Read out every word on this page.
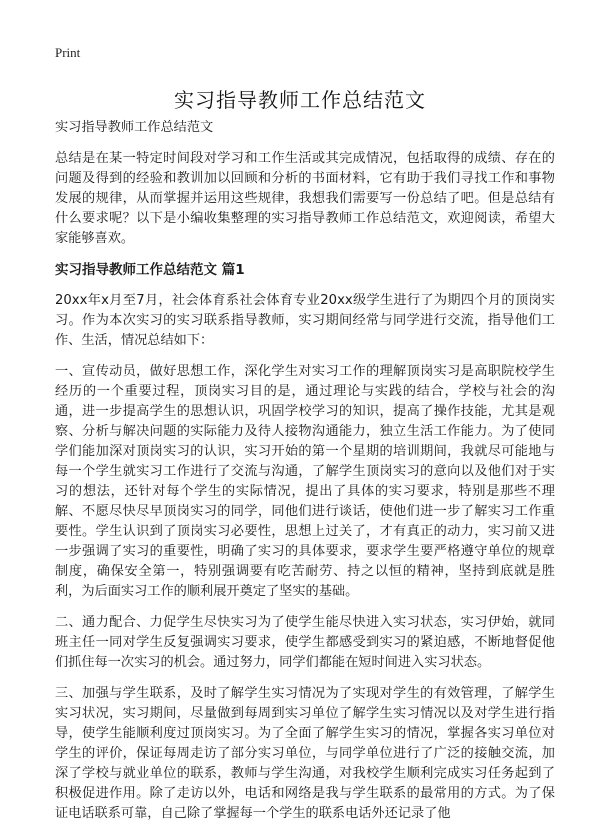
Print
实习指导教师工作总结范文
实习指导教师工作总结范文

总结是在某一特定时间段对学习和工作生活或其完成情况，包括取得的成绩、存在的问题及得到的经验和教训加以回顾和分析的书面材料，它有助于我们寻找工作和事物发展的规律，从而掌握并运用这些规律，我想我们需要写一份总结了吧。但是总结有什么要求呢？以下是小编收集整理的实习指导教师工作总结范文，欢迎阅读，希望大家能够喜欢。

实习指导教师工作总结范文 篇1

20xx年x月至7月，社会体育系社会体育专业20xx级学生进行了为期四个月的顶岗实习。作为本次实习的实习联系指导教师，实习期间经常与同学进行交流，指导他们工作、生活，情况总结如下：

一、宣传动员，做好思想工作，深化学生对实习工作的理解顶岗实习是高职院校学生经历的一个重要过程，顶岗实习目的是，通过理论与实践的结合，学校与社会的沟通，进一步提高学生的思想认识，巩固学校学习的知识，提高了操作技能，尤其是观察、分析与解决问题的实际能力及待人接物沟通能力，独立生活工作能力。为了使同学们能加深对顶岗实习的认识，实习开始的第一个星期的培训期间，我就尽可能地与每一个学生就实习工作进行了交流与沟通，了解学生顶岗实习的意向以及他们对于实习的想法，还针对每个学生的实际情况，提出了具体的实习要求，特别是那些不理解、不愿尽快尽早顶岗实习的同学，同他们进行谈话，使他们进一步了解实习工作重要性。学生认识到了顶岗实习必要性，思想上过关了，才有真正的动力，实习前又进一步强调了实习的重要性，明确了实习的具体要求，要求学生要严格遵守单位的规章制度，确保安全第一，特别强调要有吃苦耐劳、持之以恒的精神，坚持到底就是胜利，为后面实习工作的顺利展开奠定了坚实的基础。

二、通力配合、力促学生尽快实习为了使学生能尽快进入实习状态，实习伊始，就同班主任一同对学生反复强调实习要求，使学生都感受到实习的紧迫感，不断地督促他们抓住每一次实习的机会。通过努力，同学们都能在短时间进入实习状态。

三、加强与学生联系，及时了解学生实习情况为了实现对学生的有效管理，了解学生实习状况，实习期间，尽量做到每周到实习单位了解学生实习情况以及对学生进行指导，使学生能顺利度过顶岗实习。为了全面了解学生实习的情况，掌握各实习单位对学生的评价，保证每周走访了部分实习单位，与同学单位进行了广泛的接触交流，加深了学校与就业单位的联系，教师与学生沟通，对我校学生顺利完成实习任务起到了积极促进作用。除了走访以外，电话和网络是我与学生联系的最常用的方式。为了保证电话联系可靠，自己除了掌握每一个学生的联系电话外还记录了他
